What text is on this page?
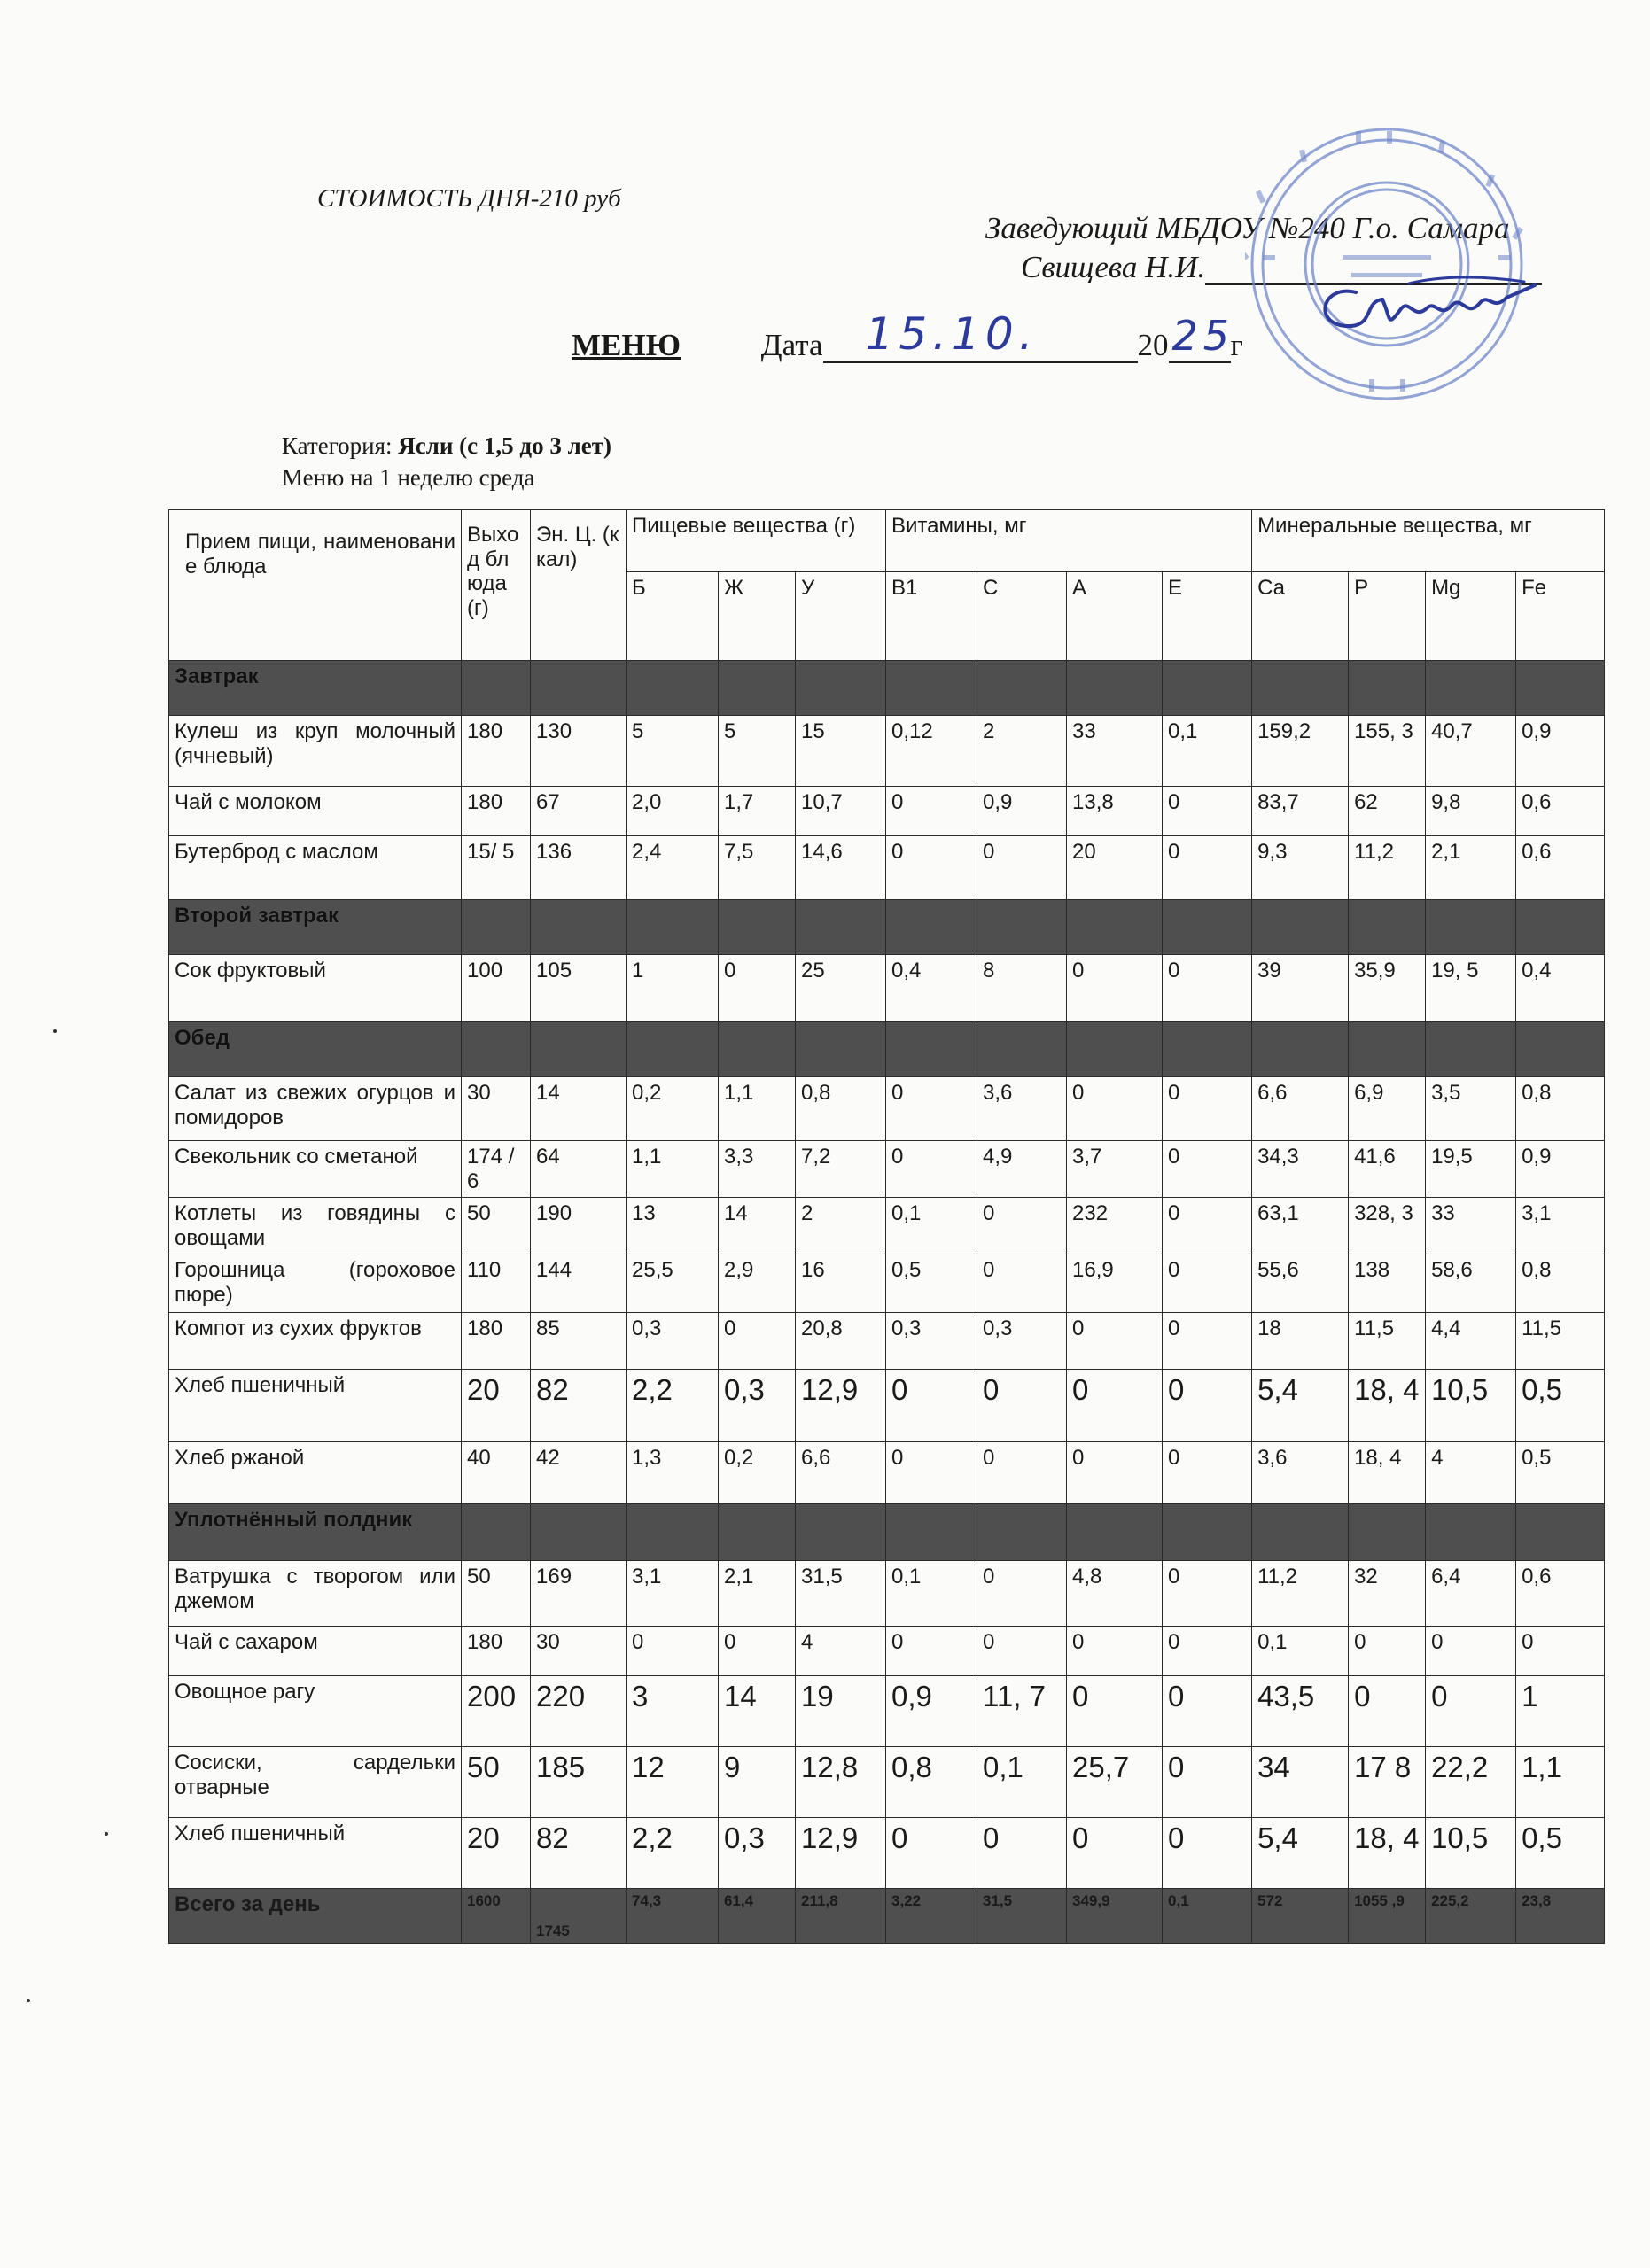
СТОИМОСТЬ ДНЯ-210 руб
Заведующий МБДОУ №240 Г.о. Самара
Свищева Н.И.
МЕНЮ	Дата 15.10.	20 25
г
Категория: Ясли (с 1,5 до 3 лет)
Меню на 1 неделю среда
Прием пищи, наименование блюда	Выход блюда (г)	Эн. Ц. (ккал)	Пищевые вещества (г)			Витамины, мг				Минеральные вещества, мг			
			Б	Ж	У	В1	С	А	Е	Са	Р	Mg	Fe
Завтрак													
Кулеш из круп молочный (ячневый)	180	130	5	5	15	0,12	2	33	0,1	159,2	155, 3	40,7	0,9
Чай с молоком	180	67	2,0	1,7	10,7	0	0,9	13,8	0	83,7	62	9,8	0,6
Бутерброд с маслом	15/ 5	136	2,4	7,5	14,6	0	0	20	0	9,3	11,2	2,1	0,6
Второй завтрак													
Сок фруктовый	100	105	1	0	25	0,4	8	0	0	39	35,9	19, 5	0,4
Обед													
Салат из свежих огурцов и помидоров	30	14	0,2	1,1	0,8	0	3,6	0	0	6,6	6,9	3,5	0,8
Свекольник со сметаной	174 /6	64	1,1	3,3	7,2	0	4,9	3,7	0	34,3	41,6	19,5	0,9
Котлеты из говядины с овощами	50	190	13	14	2	0,1	0	232	0	63,1	328, 3	33	3,1
Горошница (гороховое пюре)	110	144	25,5	2,9	16	0,5	0	16,9	0	55,6	138	58,6	0,8
Компот из сухих фруктов	180	85	0,3	0	20,8	0,3	0,3	0	0	18	11,5	4,4	11,5
Хлеб пшеничный	20	82	2,2	0,3	12,9	0	0	0	0	5,4	18, 4	10,5	0,5
Хлеб ржаной	40	42	1,3	0,2	6,6	0	0	0	0	3,6	18, 4	4	0,5
Уплотнённый полдник													
Ватрушка с творогом или джемом	50	169	3,1	2,1	31,5	0,1	0	4,8	0	11,2	32	6,4	0,6
Чай с сахаром	180	30	0	0	4	0	0	0	0	0,1	0	0	0
Овощное рагу	200	220	3	14	19	0,9	11, 7	0	0	43,5	0	0	1
Сосиски, сардельки отварные	50	185	12	9	12,8	0,8	0,1	25,7	0	34	17 8	22,2	1,1
Хлеб пшеничный	20	82	2,2	0,3	12,9	0	0	0	0	5,4	18, 4	10,5	0,5
Всего за день	1600	1745	74,3	61,4	211,8	3,22	31,5	349,9	0,1	572	1055 ,9	225,2	23,8
